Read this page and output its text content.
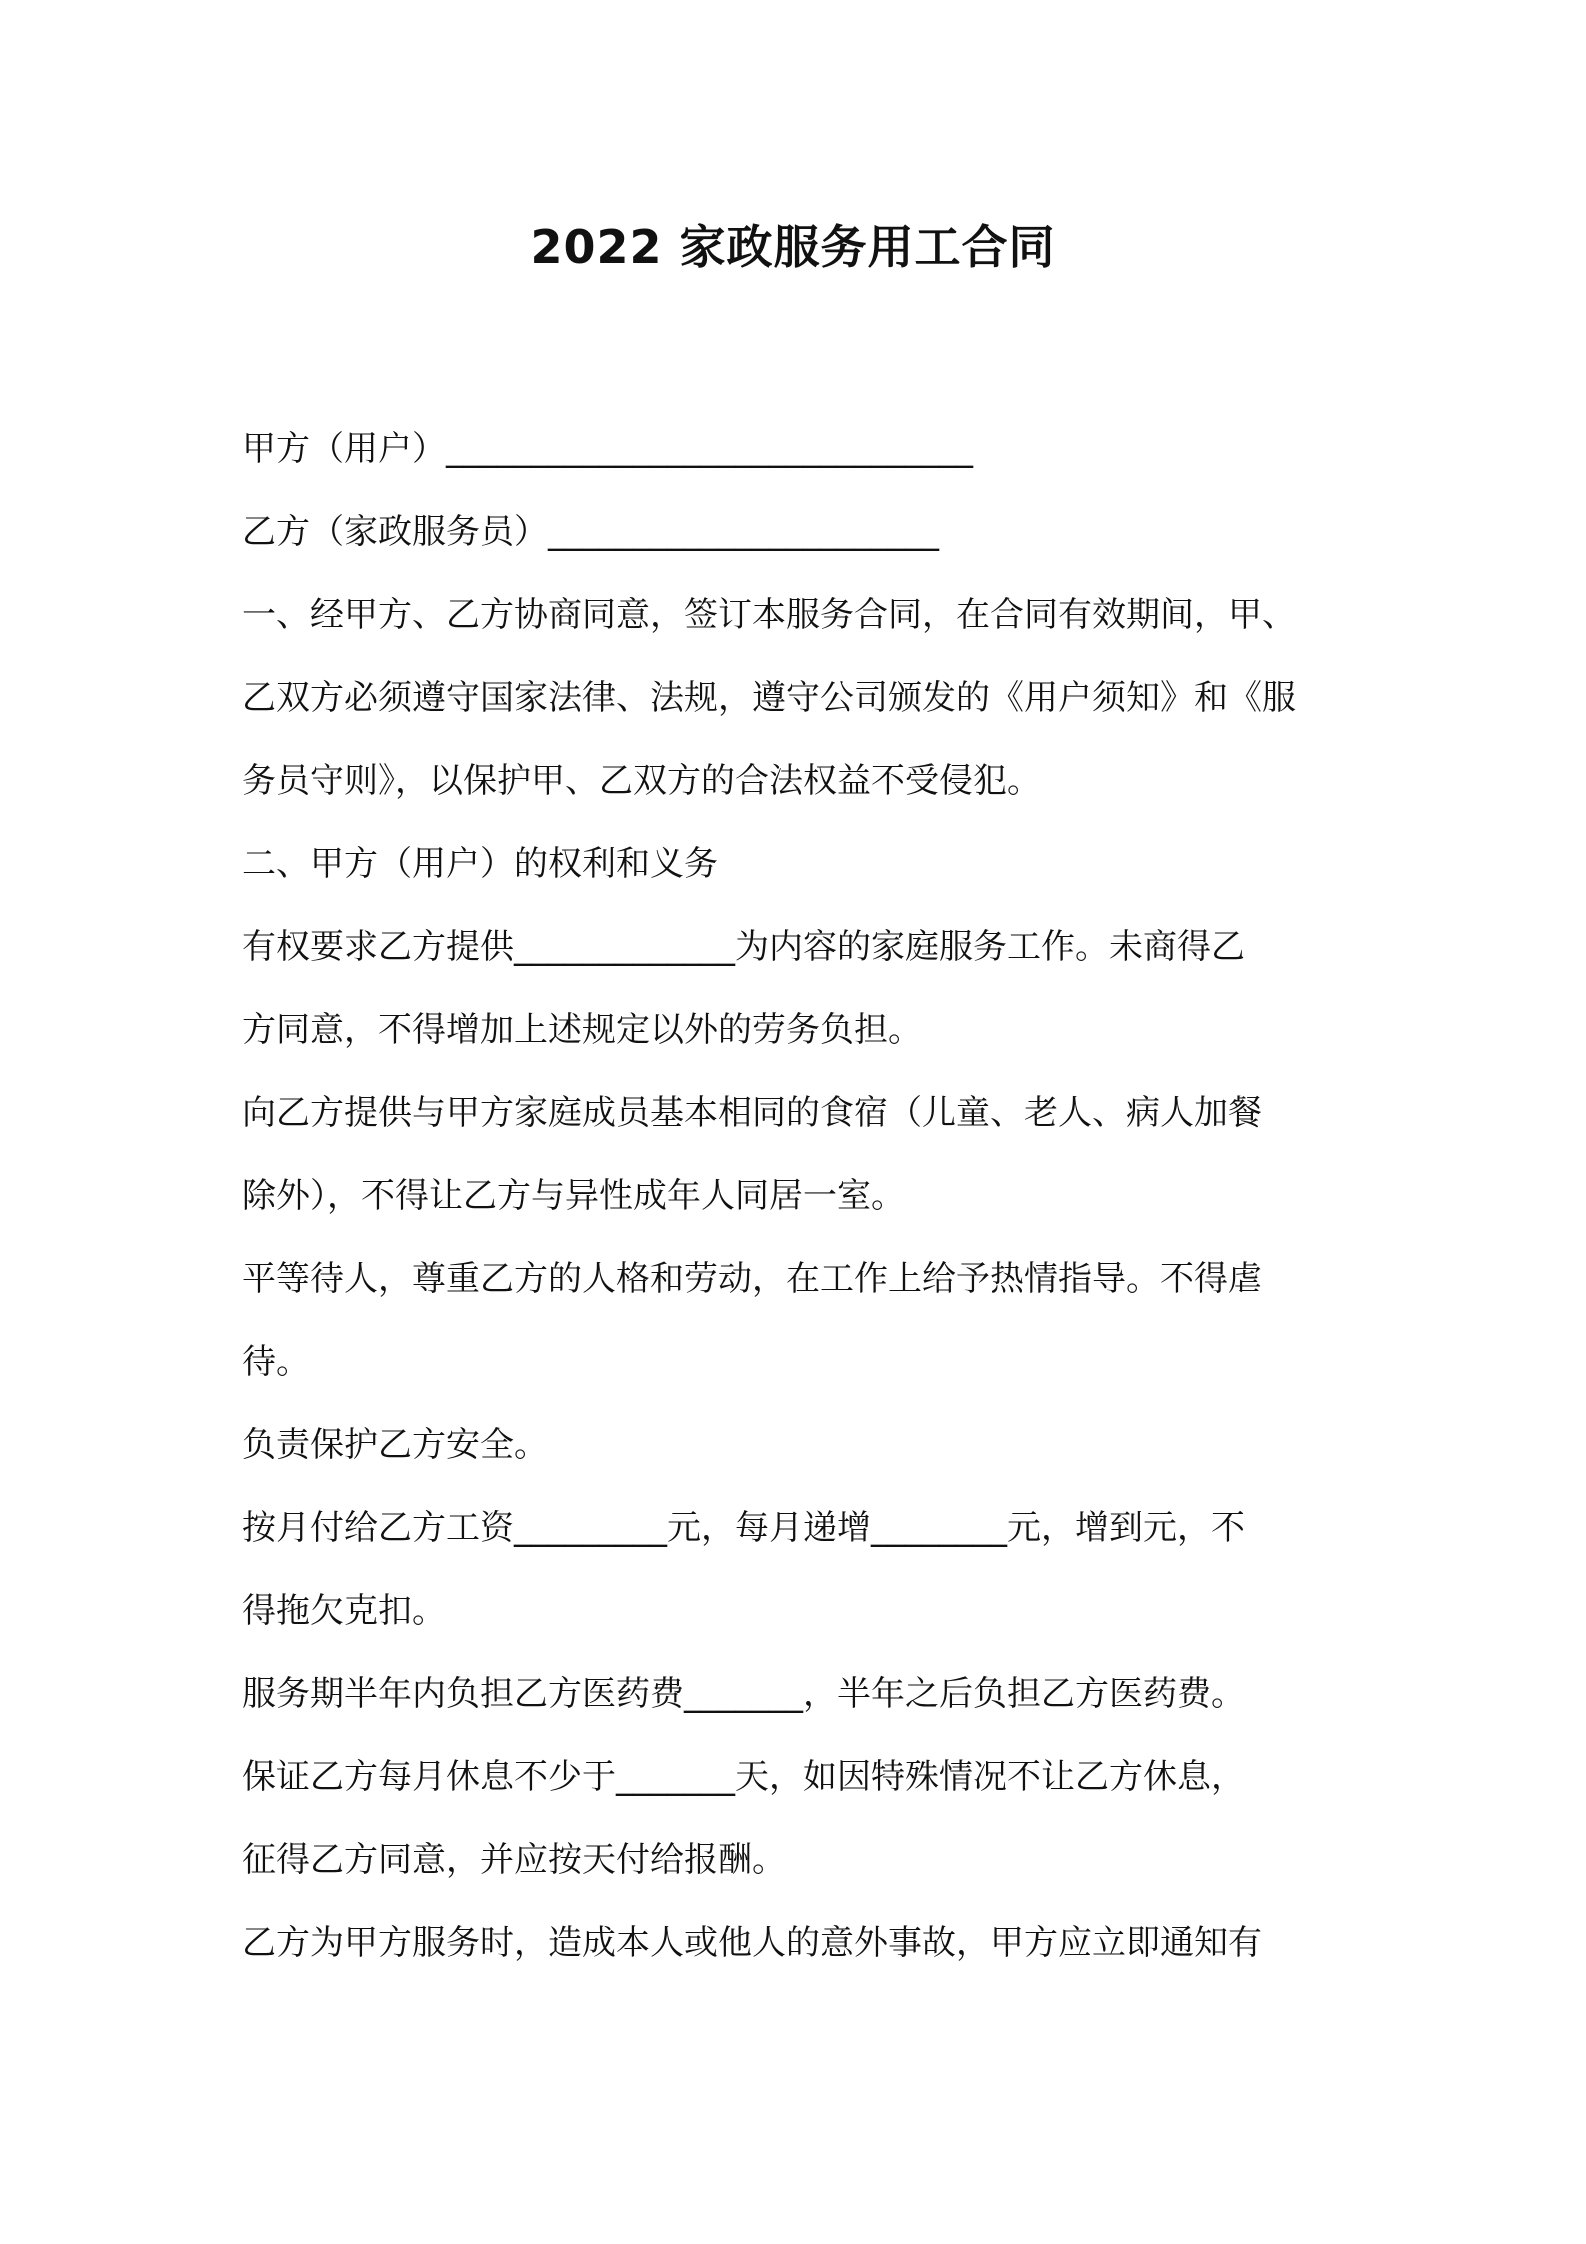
2022 家政服务用工合同
甲方（用户）_______________________________
乙方（家政服务员）_______________________
一、经甲方、乙方协商同意，签订本服务合同，在合同有效期间，甲、
乙双方必须遵守国家法律、法规，遵守公司颁发的《用户须知》和《服
务员守则》，以保护甲、乙双方的合法权益不受侵犯。
二、甲方（用户）的权利和义务
有权要求乙方提供_____________为内容的家庭服务工作。未商得乙
方同意，不得增加上述规定以外的劳务负担。
向乙方提供与甲方家庭成员基本相同的食宿（儿童、老人、病人加餐
除外），不得让乙方与异性成年人同居一室。
平等待人，尊重乙方的人格和劳动，在工作上给予热情指导。不得虐
待。
负责保护乙方安全。
按月付给乙方工资_________元，每月递增________元，增到元，不
得拖欠克扣。
服务期半年内负担乙方医药费_______，半年之后负担乙方医药费。
保证乙方每月休息不少于_______天，如因特殊情况不让乙方休息，
征得乙方同意，并应按天付给报酬。
乙方为甲方服务时，造成本人或他人的意外事故，甲方应立即通知有
